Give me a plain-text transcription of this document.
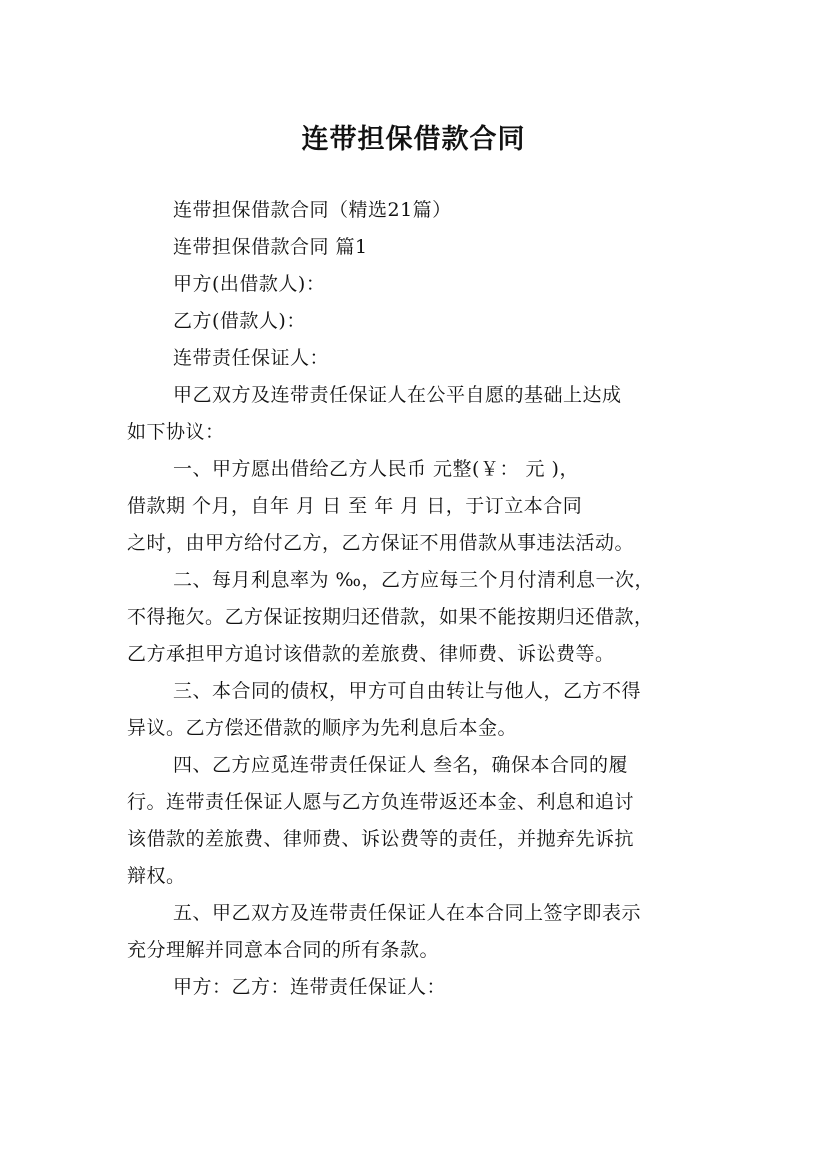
连带担保借款合同

连带担保借款合同（精选21篇）

连带担保借款合同 篇1

甲方(出借款人)：

乙方(借款人)：

连带责任保证人：

甲乙双方及连带责任保证人在公平自愿的基础上达成

如下协议：

一、甲方愿出借给乙方人民币 元整(￥： 元 )，

借款期 个月，自年 月 日 至 年 月 日，于订立本合同

之时，由甲方给付乙方，乙方保证不用借款从事违法活动。

二、每月利息率为 ‰，乙方应每三个月付清利息一次，

不得拖欠。乙方保证按期归还借款，如果不能按期归还借款，

乙方承担甲方追讨该借款的差旅费、律师费、诉讼费等。

三、本合同的债权，甲方可自由转让与他人，乙方不得

异议。乙方偿还借款的顺序为先利息后本金。

四、乙方应觅连带责任保证人 叁名，确保本合同的履

行。连带责任保证人愿与乙方负连带返还本金、利息和追讨

该借款的差旅费、律师费、诉讼费等的责任，并抛弃先诉抗

辩权。

五、甲乙双方及连带责任保证人在本合同上签字即表示

充分理解并同意本合同的所有条款。

甲方：乙方：连带责任保证人：
